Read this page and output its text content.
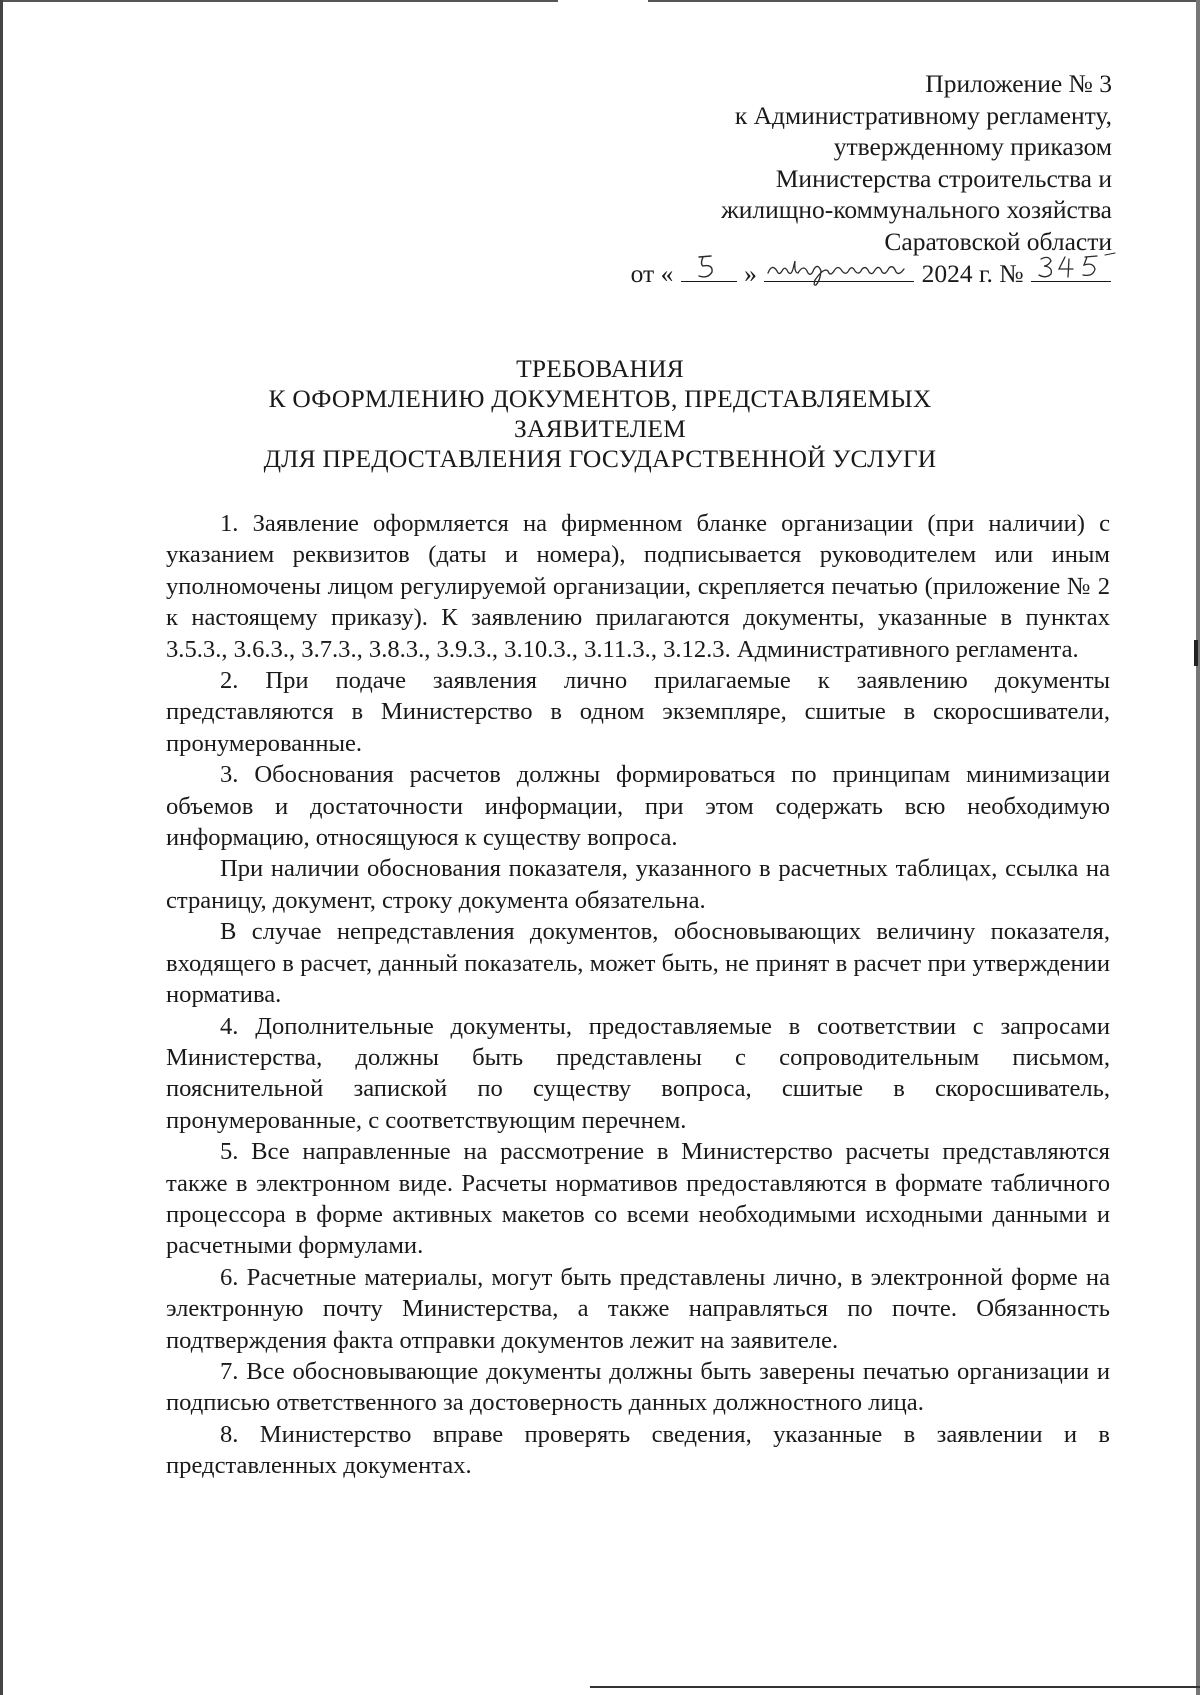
Приложение № 3
к Административному регламенту,
утвержденному приказом
Министерства строительства и
жилищно-коммунального хозяйства
Саратовской области
от «	»	2024 г. №
ТРЕБОВАНИЯ
К ОФОРМЛЕНИЮ ДОКУМЕНТОВ, ПРЕДСТАВЛЯЕМЫХ
ЗАЯВИТЕЛЕМ
ДЛЯ ПРЕДОСТАВЛЕНИЯ ГОСУДАРСТВЕННОЙ УСЛУГИ

1. Заявление оформляется на фирменном бланке организации (при наличии) с указанием реквизитов (даты и номера), подписывается руководителем или иным уполномочены лицом регулируемой организации, скрепляется печатью (приложение № 2 к настоящему приказу). К заявлению прилагаются документы, указанные в пунктах 3.5.3., 3.6.3., 3.7.3., 3.8.3., 3.9.3., 3.10.3., 3.11.3., 3.12.3. Административного регламента.

2. При подаче заявления лично прилагаемые к заявлению документы представляются в Министерство в одном экземпляре, сшитые в скоросшиватели, пронумерованные.

3. Обоснования расчетов должны формироваться по принципам минимизации объемов и достаточности информации, при этом содержать всю необходимую информацию, относящуюся к существу вопроса.

При наличии обоснования показателя, указанного в расчетных таблицах, ссылка на страницу, документ, строку документа обязательна.

В случае непредставления документов, обосновывающих величину показателя, входящего в расчет, данный показатель, может быть, не принят в расчет при утверждении норматива.

4. Дополнительные документы, предоставляемые в соответствии с запросами Министерства, должны быть представлены с сопроводительным письмом, пояснительной запиской по существу вопроса, сшитые в скоросшиватель, пронумерованные, с соответствующим перечнем.

5. Все направленные на рассмотрение в Министерство расчеты представляются также в электронном виде. Расчеты нормативов предоставляются в формате табличного процессора в форме активных макетов со всеми необходимыми исходными данными и расчетными формулами.

6. Расчетные материалы, могут быть представлены лично, в электронной форме на электронную почту Министерства, а также направляться по почте. Обязанность подтверждения факта отправки документов лежит на заявителе.

7. Все обосновывающие документы должны быть заверены печатью организации и подписью ответственного за достоверность данных должностного лица.

8. Министерство вправе проверять сведения, указанные в заявлении и в представленных документах.
